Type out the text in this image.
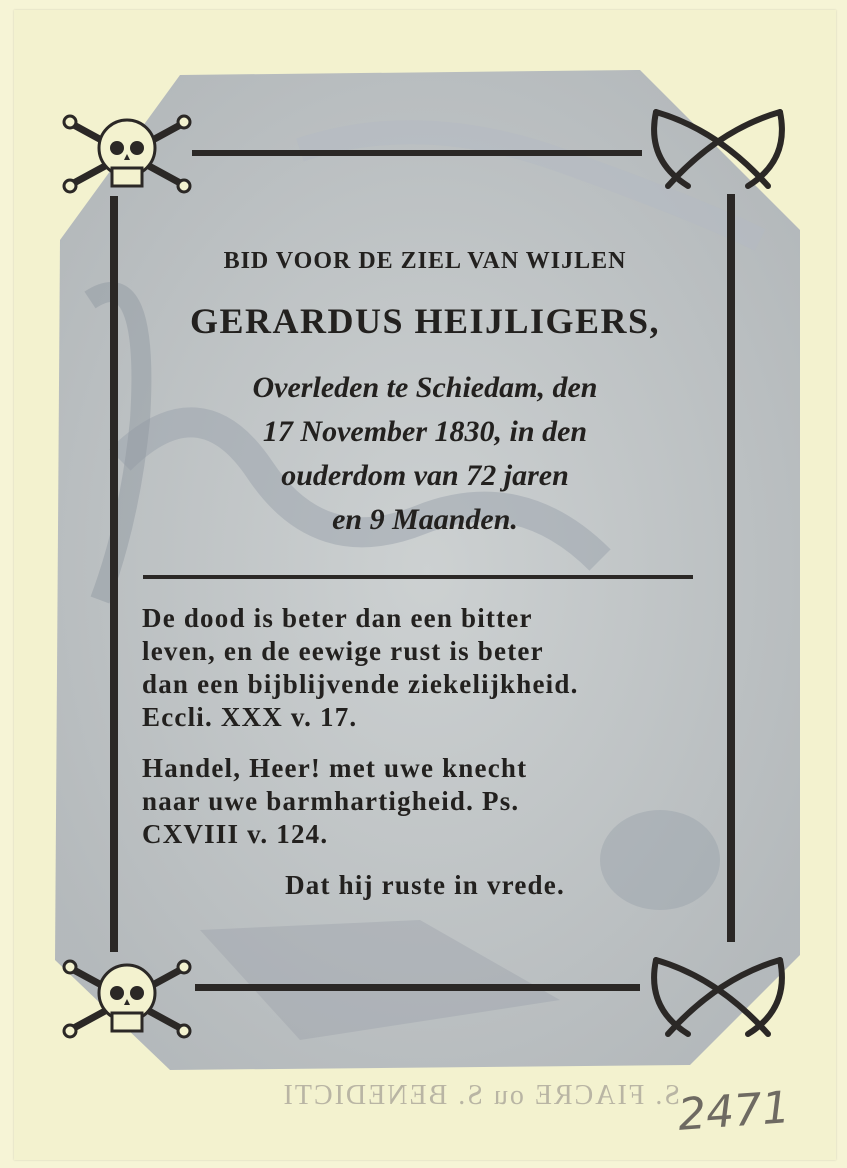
BID VOOR DE ZIEL VAN WIJLEN
GERARDUS HEIJLIGERS,
Overleden te Schiedam, den
17 November 1830, in den
ouderdom van 72 jaren
en 9 Maanden.
De dood is beter dan een bitter
leven, en de eewige rust is beter
dan een bijblijvende ziekelijkheid.
Eccli. XXX v. 17.
Handel, Heer! met uwe knecht
naar uwe barmhartigheid. Ps.
CXVIII v. 124.
Dat hij ruste in vrede.
S. FIACRE ou S. BENEDICTI
2471
